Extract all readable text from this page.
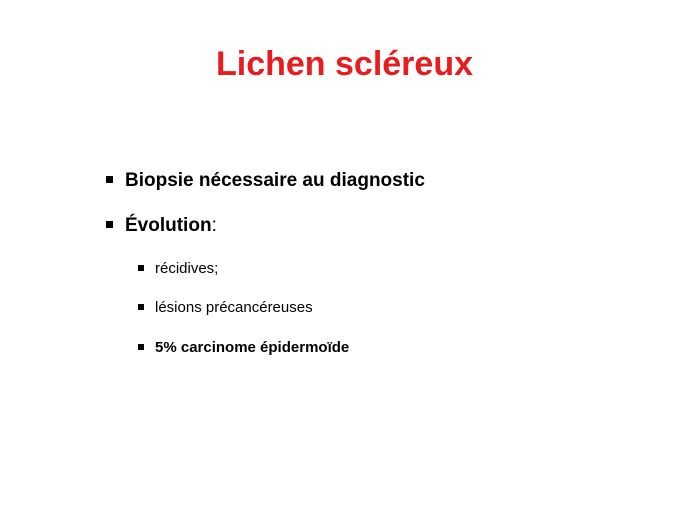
Lichen scléreux
Biopsie nécessaire au diagnostic
Évolution:
récidives;
lésions précancéreuses
5% carcinome épidermoïde
